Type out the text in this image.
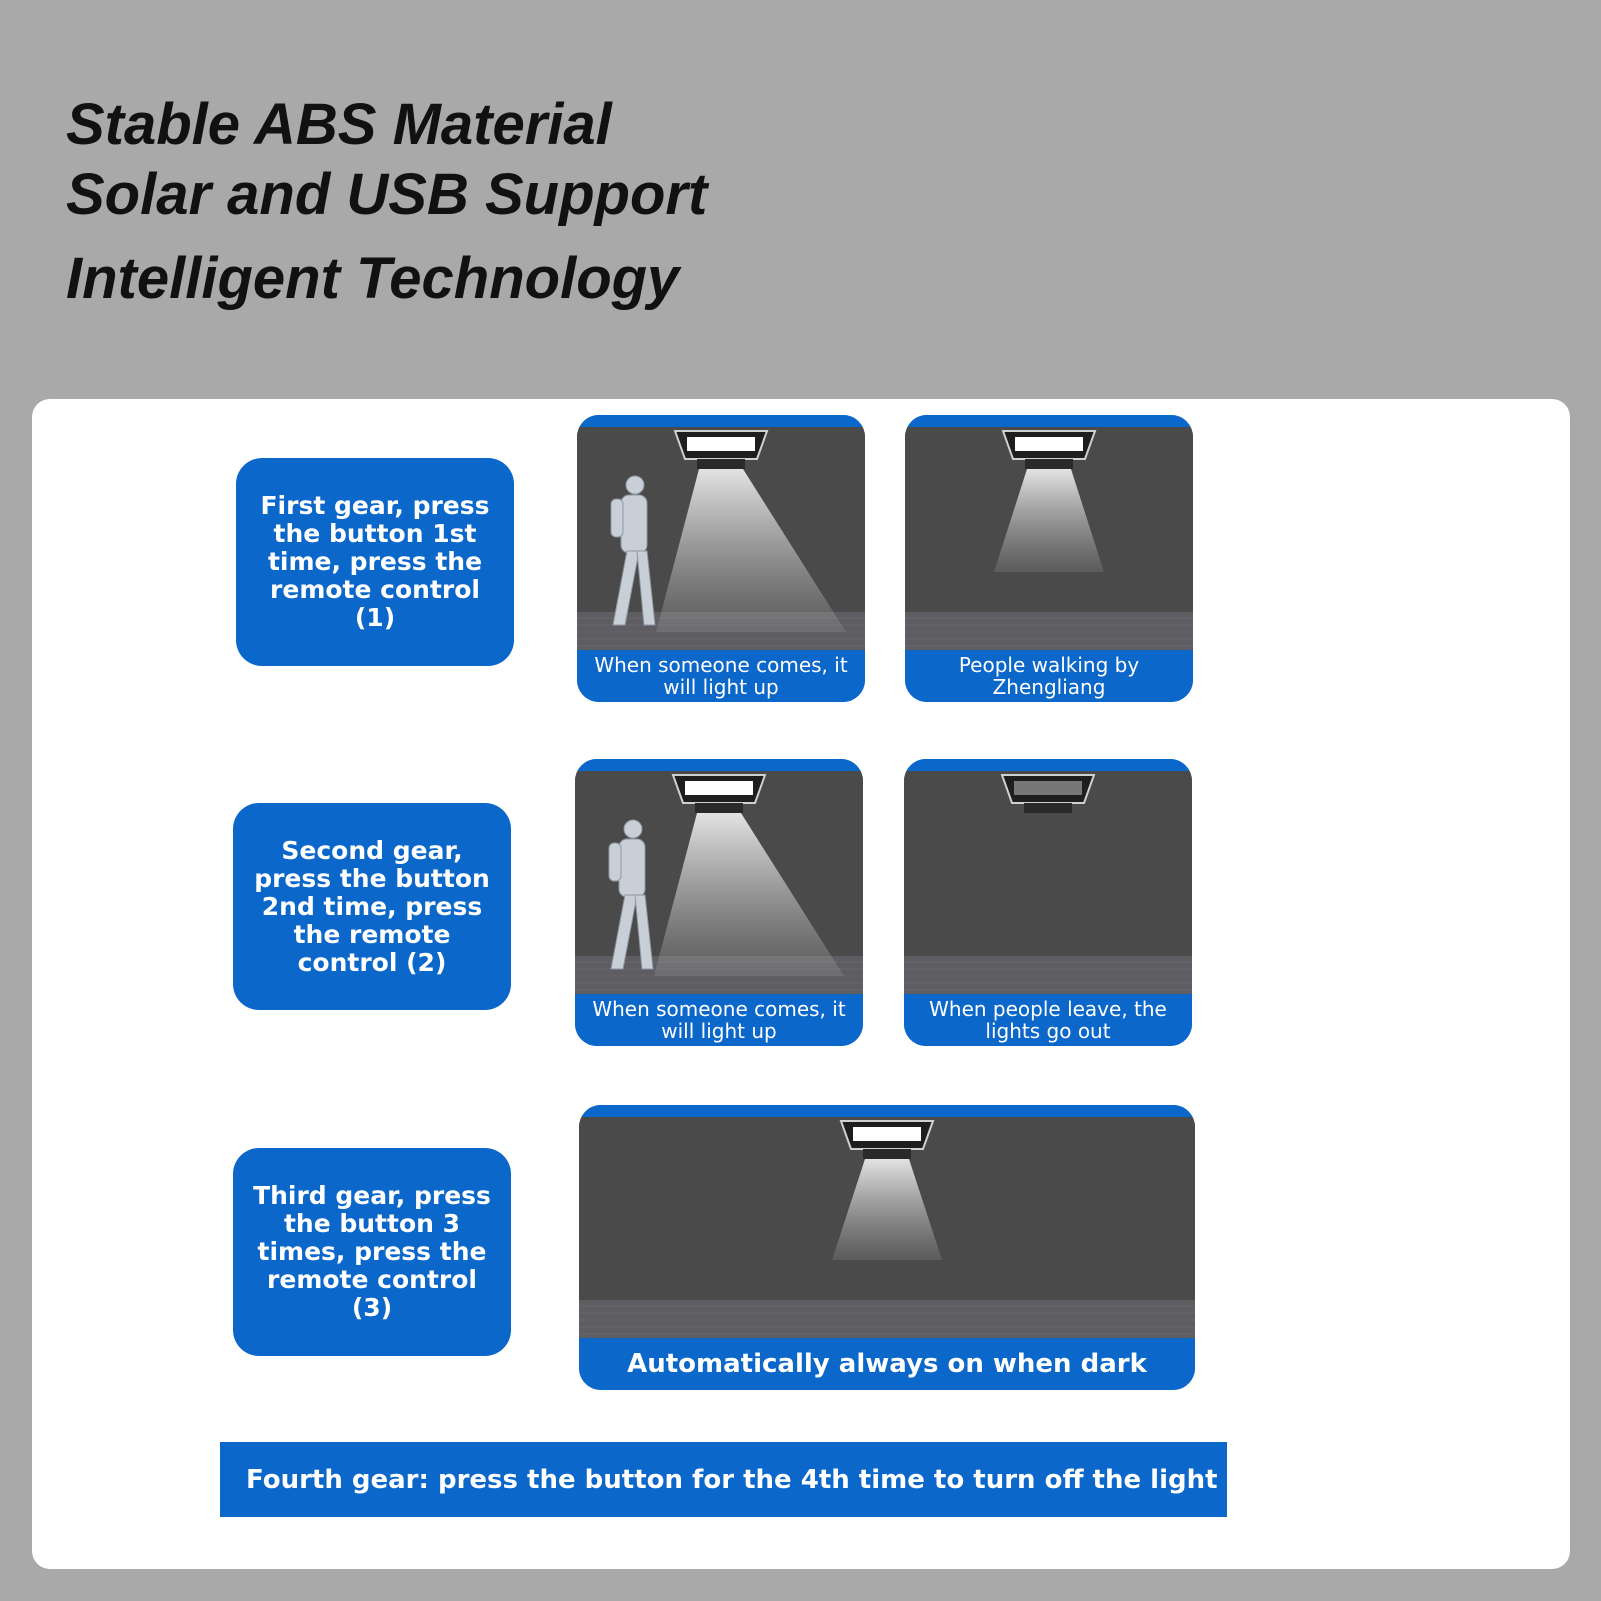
Stable ABS Material
Solar and USB Support
Intelligent Technology
First gear, press the button 1st time, press the remote control (1)
When someone comes, it will light up
People walking by Zhengliang
Second gear, press the button 2nd time, press the remote control (2)
When someone comes, it will light up
When people leave, the lights go out
Third gear, press the button 3 times, press the remote control (3)
Automatically always on when dark
Fourth gear: press the button for the 4th time to turn off the light
